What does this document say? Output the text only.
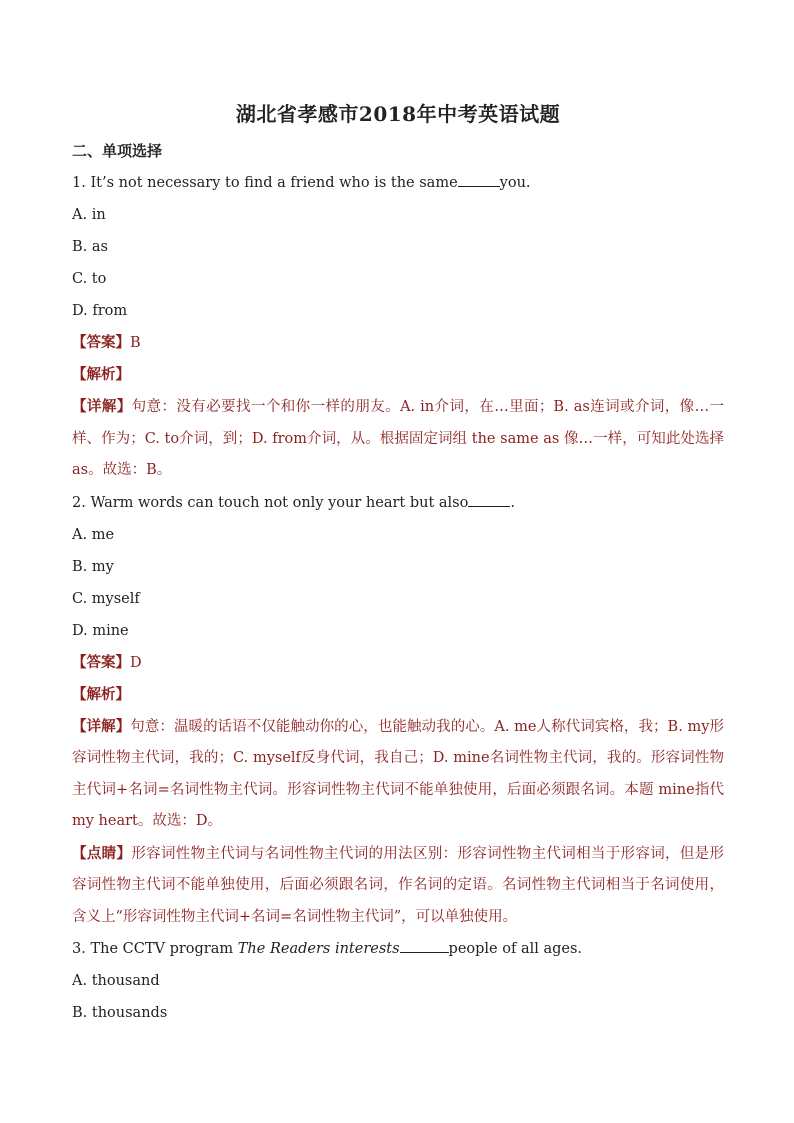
湖北省孝感市2018年中考英语试题
二、单项选择
1. It’s not necessary to find a friend who is the same	you.
A. in
B. as
C. to
D. from
【答案】B
【解析】

【详解】句意：没有必要找一个和你一样的朋友。A. in介词，在…里面；B. as连词或介词，像…一样、作为；C. to介词，到；D. from介词，从。根据固定词组 the same as 像…一样，可知此处选择 as。故选：B。

2. Warm words can touch not only your heart but also	.
A. me
B. my
C. myself
D. mine
【答案】D
【解析】

【详解】句意：温暖的话语不仅能触动你的心，也能触动我的心。A. me人称代词宾格，我；B. my形容词性物主代词，我的；C. myself反身代词，我自己；D. mine名词性物主代词，我的。形容词性物主代词+名词=名词性物主代词。形容词性物主代词不能单独使用，后面必须跟名词。本题 mine指代 my heart。故选：D。

【点睛】形容词性物主代词与名词性物主代词的用法区别：形容词性物主代词相当于形容词，但是形容词性物主代词不能单独使用，后面必须跟名词，作名词的定语。名词性物主代词相当于名词使用，含义上“形容词性物主代词+名词=名词性物主代词”，可以单独使用。

3. The CCTV program The Readers interests	people of all ages.
A. thousand
B. thousands
